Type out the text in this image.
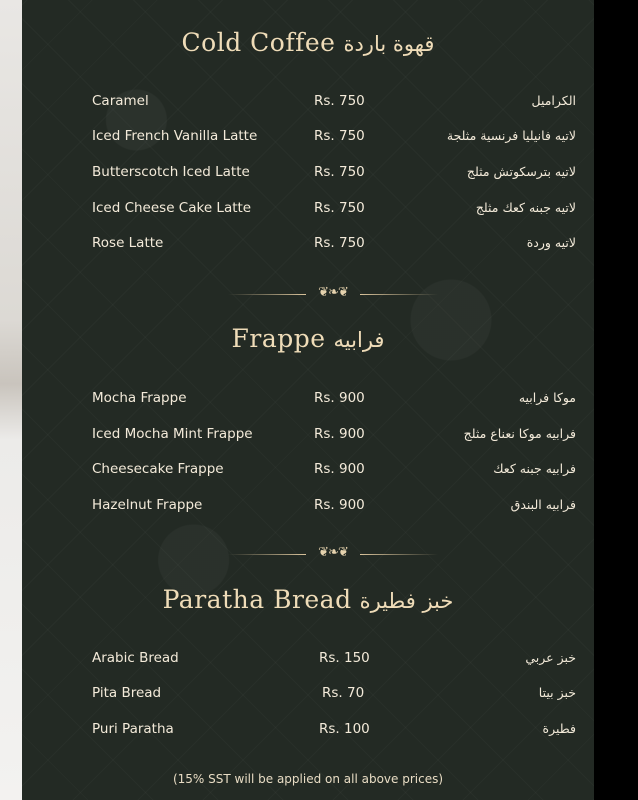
Cold Coffee قهوة باردة
Caramel	Rs. 750	الكراميل
Iced French Vanilla Latte	Rs. 750	لاتيه فانيليا فرنسية مثلجة
Butterscotch Iced Latte	Rs. 750	لاتيه بترسكوتش مثلج
Iced Cheese Cake Latte	Rs. 750	لاتيه جبنه كعك مثلج
Rose Latte	Rs. 750	لاتيه وردة
❦❧❦
Frappe فرابيه
Mocha Frappe	Rs. 900	موكا فرابيه
Iced Mocha Mint Frappe	Rs. 900	فرابيه موكا نعناع مثلج
Cheesecake Frappe	Rs. 900	فرابيه جبنه كعك
Hazelnut Frappe	Rs. 900	فرابيه البندق
❦❧❦
Paratha Bread خبز فطيرة
Arabic Bread	Rs. 150	خبز عربي
Pita Bread	Rs. 70	خبز بيتا
Puri Paratha	Rs. 100	فطيرة
(15% SST will be applied on all above prices)
